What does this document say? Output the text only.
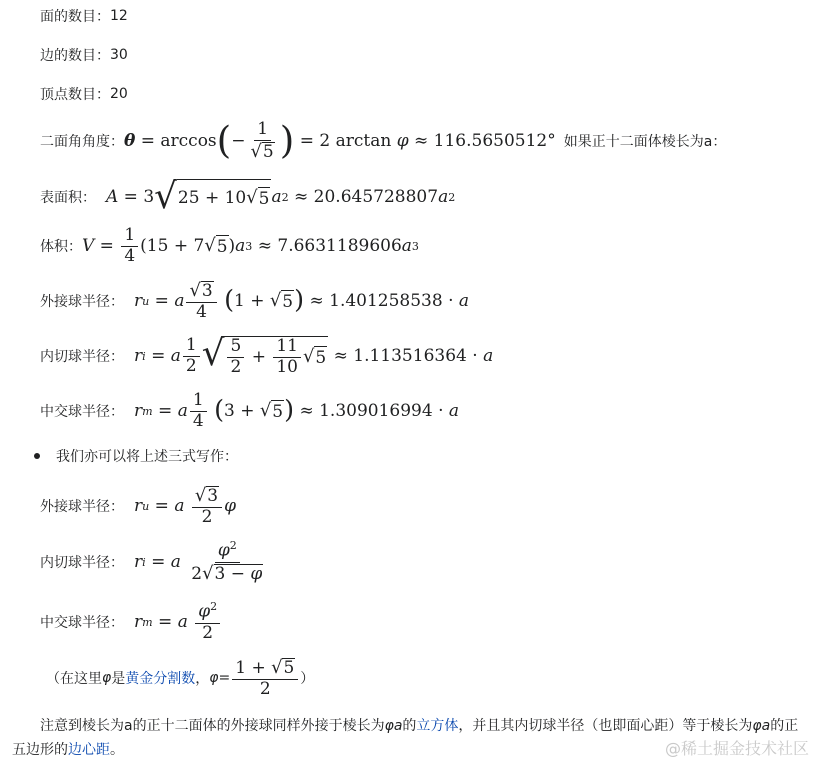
面的数目： 12
边的数目： 30
顶点数目： 20
二面角角度： θ = arccos ( − $\frac{1}{√5}$ ) = 2 arctan φ ≈ 116.5650512° 如果正十二面体棱长为a：
表面积： A = 3 √ 25 + 10 √ 5 a 2 ≈ 20.645728807 a 2
体积： $V = \frac{1}{4} (15 + 7$ √ 5 ) a 3 ≈ 7.6631189606 a 3
外接球半径： r u = a $\frac{√3}{4}$
( 1 + √ 5 ) ≈ 1.401258538 · a
内切球半径： r i = a $\frac{1}{2}$ √ $\frac{5}{2} + \frac{11}{10}$ √ 5 ≈ 1.113516364 · a
中交球半径： r m = a $\frac{1}{4}$
( 3 + √ 5 ) ≈ 1.309016994 · a
我们亦可以将上述三式写作：
外接球半径： r u = a
$\frac{√3}{2}$ φ
内切球半径： r i = a
$\frac{\varphi^2}{2√3 - \varphi}$
中交球半径： r m = a
$\frac{\varphi^2}{2}$
（在这里 φ 是 黄金分割数 ， $\varphi= \frac{1 + √5}{2}$ ）
注意到棱长为a的正十二面体的外接球同样外接于棱长为φa的立方体，并且其内切球半径（也即面心距）等于棱长为φa的正五边形的边心距。	@稀土掘金技术社区
